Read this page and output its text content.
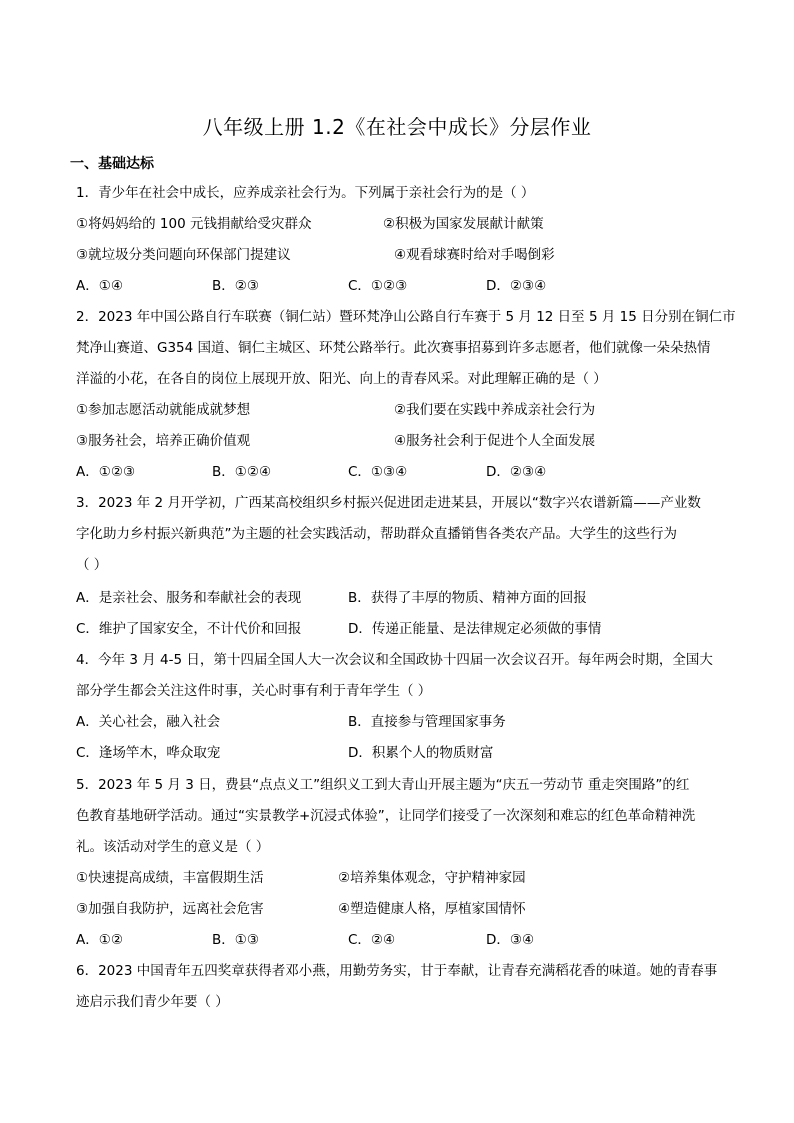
八年级上册 1.2《在社会中成长》分层作业
一、基础达标
1．青少年在社会中成长，应养成亲社会行为。下列属于亲社会行为的是（ ）
①将妈妈给的 100 元钱捐献给受灾群众	②积极为国家发展献计献策
③就垃圾分类问题向环保部门提建议	④观看球赛时给对手喝倒彩
A．①④	B．②③	C．①②③	D．②③④
2．2023 年中国公路自行车联赛（铜仁站）暨环梵净山公路自行车赛于 5 月 12 日至 5 月 15 日分别在铜仁市
梵净山赛道、G354 国道、铜仁主城区、环梵公路举行。此次赛事招募到许多志愿者，他们就像一朵朵热情
洋溢的小花，在各自的岗位上展现开放、阳光、向上的青春风采。对此理解正确的是（ ）
①参加志愿活动就能成就梦想	②我们要在实践中养成亲社会行为
③服务社会，培养正确价值观	④服务社会利于促进个人全面发展
A．①②③	B．①②④	C．①③④	D．②③④
3．2023 年 2 月开学初，广西某高校组织乡村振兴促进团走进某县，开展以“数字兴农谱新篇——产业数
字化助力乡村振兴新典范”为主题的社会实践活动，帮助群众直播销售各类农产品。大学生的这些行为
（ ）
A．是亲社会、服务和奉献社会的表现	B．获得了丰厚的物质、精神方面的回报
C．维护了国家安全，不计代价和回报	D．传递正能量、是法律规定必须做的事情
4．今年 3 月 4-5 日，第十四届全国人大一次会议和全国政协十四届一次会议召开。每年两会时期，全国大
部分学生都会关注这件时事，关心时事有利于青年学生（ ）
A．关心社会，融入社会	B．直接参与管理国家事务
C．逢场竿木，哗众取宠	D．积累个人的物质财富
5．2023 年 5 月 3 日，费县“点点义工”组织义工到大青山开展主题为“庆五一劳动节 重走突围路”的红
色教育基地研学活动。通过“实景教学+沉浸式体验”，让同学们接受了一次深刻和难忘的红色革命精神洗
礼。该活动对学生的意义是（ ）
①快速提高成绩，丰富假期生活	②培养集体观念，守护精神家园
③加强自我防护，远离社会危害	④塑造健康人格，厚植家国情怀
A．①②	B．①③	C．②④	D．③④
6．2023 中国青年五四奖章获得者邓小燕，用勤劳务实，甘于奉献，让青春充满稻花香的味道。她的青春事
迹启示我们青少年要（ ）
